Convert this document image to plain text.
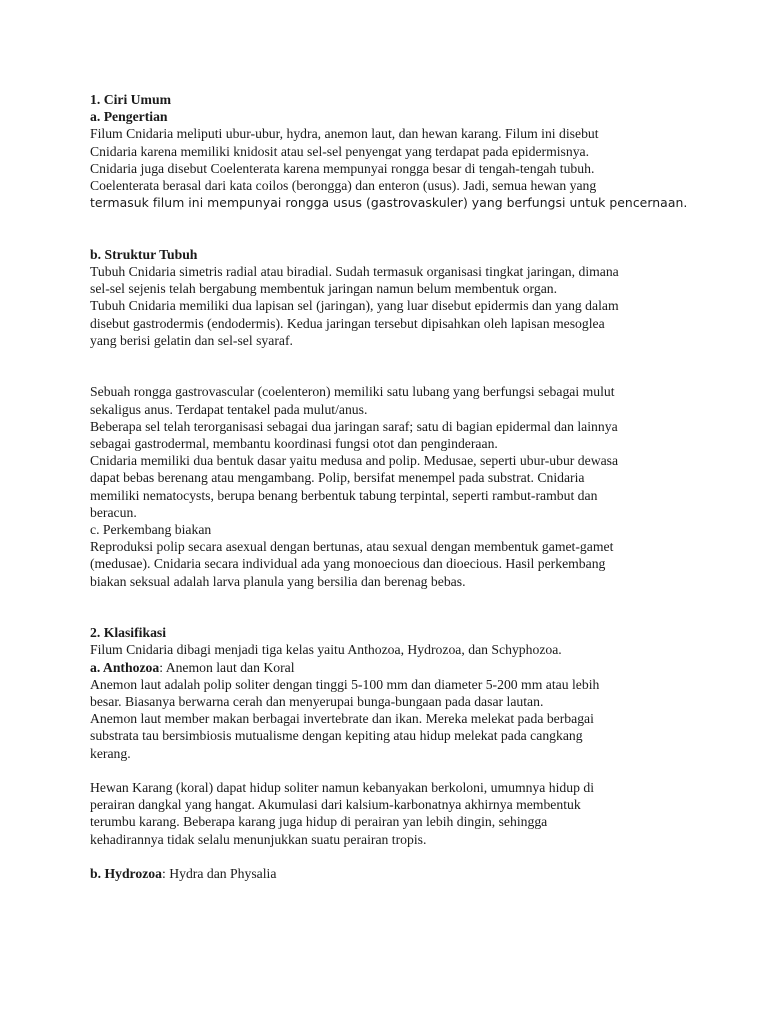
1. Ciri Umum

a. Pengertian

Filum Cnidaria meliputi ubur-ubur, hydra, anemon laut, dan hewan karang. Filum ini disebut

Cnidaria karena memiliki knidosit atau sel-sel penyengat yang terdapat pada epidermisnya.

Cnidaria juga disebut Coelenterata karena mempunyai rongga besar di tengah-tengah tubuh.

Coelenterata berasal dari kata coilos (berongga) dan enteron (usus). Jadi, semua hewan yang

termasuk filum ini mempunyai rongga usus (gastrovaskuler) yang berfungsi untuk pencernaan.

b. Struktur Tubuh

Tubuh Cnidaria simetris radial atau biradial. Sudah termasuk organisasi tingkat jaringan, dimana

sel-sel sejenis telah bergabung membentuk jaringan namun belum membentuk organ.

Tubuh Cnidaria memiliki dua lapisan sel (jaringan), yang luar disebut epidermis dan yang dalam

disebut gastrodermis (endodermis). Kedua jaringan tersebut dipisahkan oleh lapisan mesoglea

yang berisi gelatin dan sel-sel syaraf.

Sebuah rongga gastrovascular (coelenteron) memiliki satu lubang yang berfungsi sebagai mulut

sekaligus anus. Terdapat tentakel pada mulut/anus.

Beberapa sel telah terorganisasi sebagai dua jaringan saraf; satu di bagian epidermal dan lainnya

sebagai gastrodermal, membantu koordinasi fungsi otot dan penginderaan.

Cnidaria memiliki dua bentuk dasar yaitu medusa and polip. Medusae, seperti ubur-ubur dewasa

dapat bebas berenang atau mengambang. Polip, bersifat menempel pada substrat. Cnidaria

memiliki nematocysts, berupa benang berbentuk tabung terpintal, seperti rambut-rambut dan

beracun.

c. Perkembang biakan

Reproduksi polip secara asexual dengan bertunas, atau sexual dengan membentuk gamet-gamet

(medusae). Cnidaria secara individual ada yang monoecious dan dioecious. Hasil perkembang

biakan seksual adalah larva planula yang bersilia dan berenag bebas.

2. Klasifikasi

Filum Cnidaria dibagi menjadi tiga kelas yaitu Anthozoa, Hydrozoa, dan Schyphozoa.

a. Anthozoa: Anemon laut dan Koral

Anemon laut adalah polip soliter dengan tinggi 5-100 mm dan diameter 5-200 mm atau lebih

besar. Biasanya berwarna cerah dan menyerupai bunga-bungaan pada dasar lautan.

Anemon laut member makan berbagai invertebrate dan ikan. Mereka melekat pada berbagai

substrata tau bersimbiosis mutualisme dengan kepiting atau hidup melekat pada cangkang

kerang.

Hewan Karang (koral) dapat hidup soliter namun kebanyakan berkoloni, umumnya hidup di

perairan dangkal yang hangat. Akumulasi dari kalsium-karbonatnya akhirnya membentuk

terumbu karang. Beberapa karang juga hidup di perairan yan lebih dingin, sehingga

kehadirannya tidak selalu menunjukkan suatu perairan tropis.

b. Hydrozoa: Hydra dan Physalia
